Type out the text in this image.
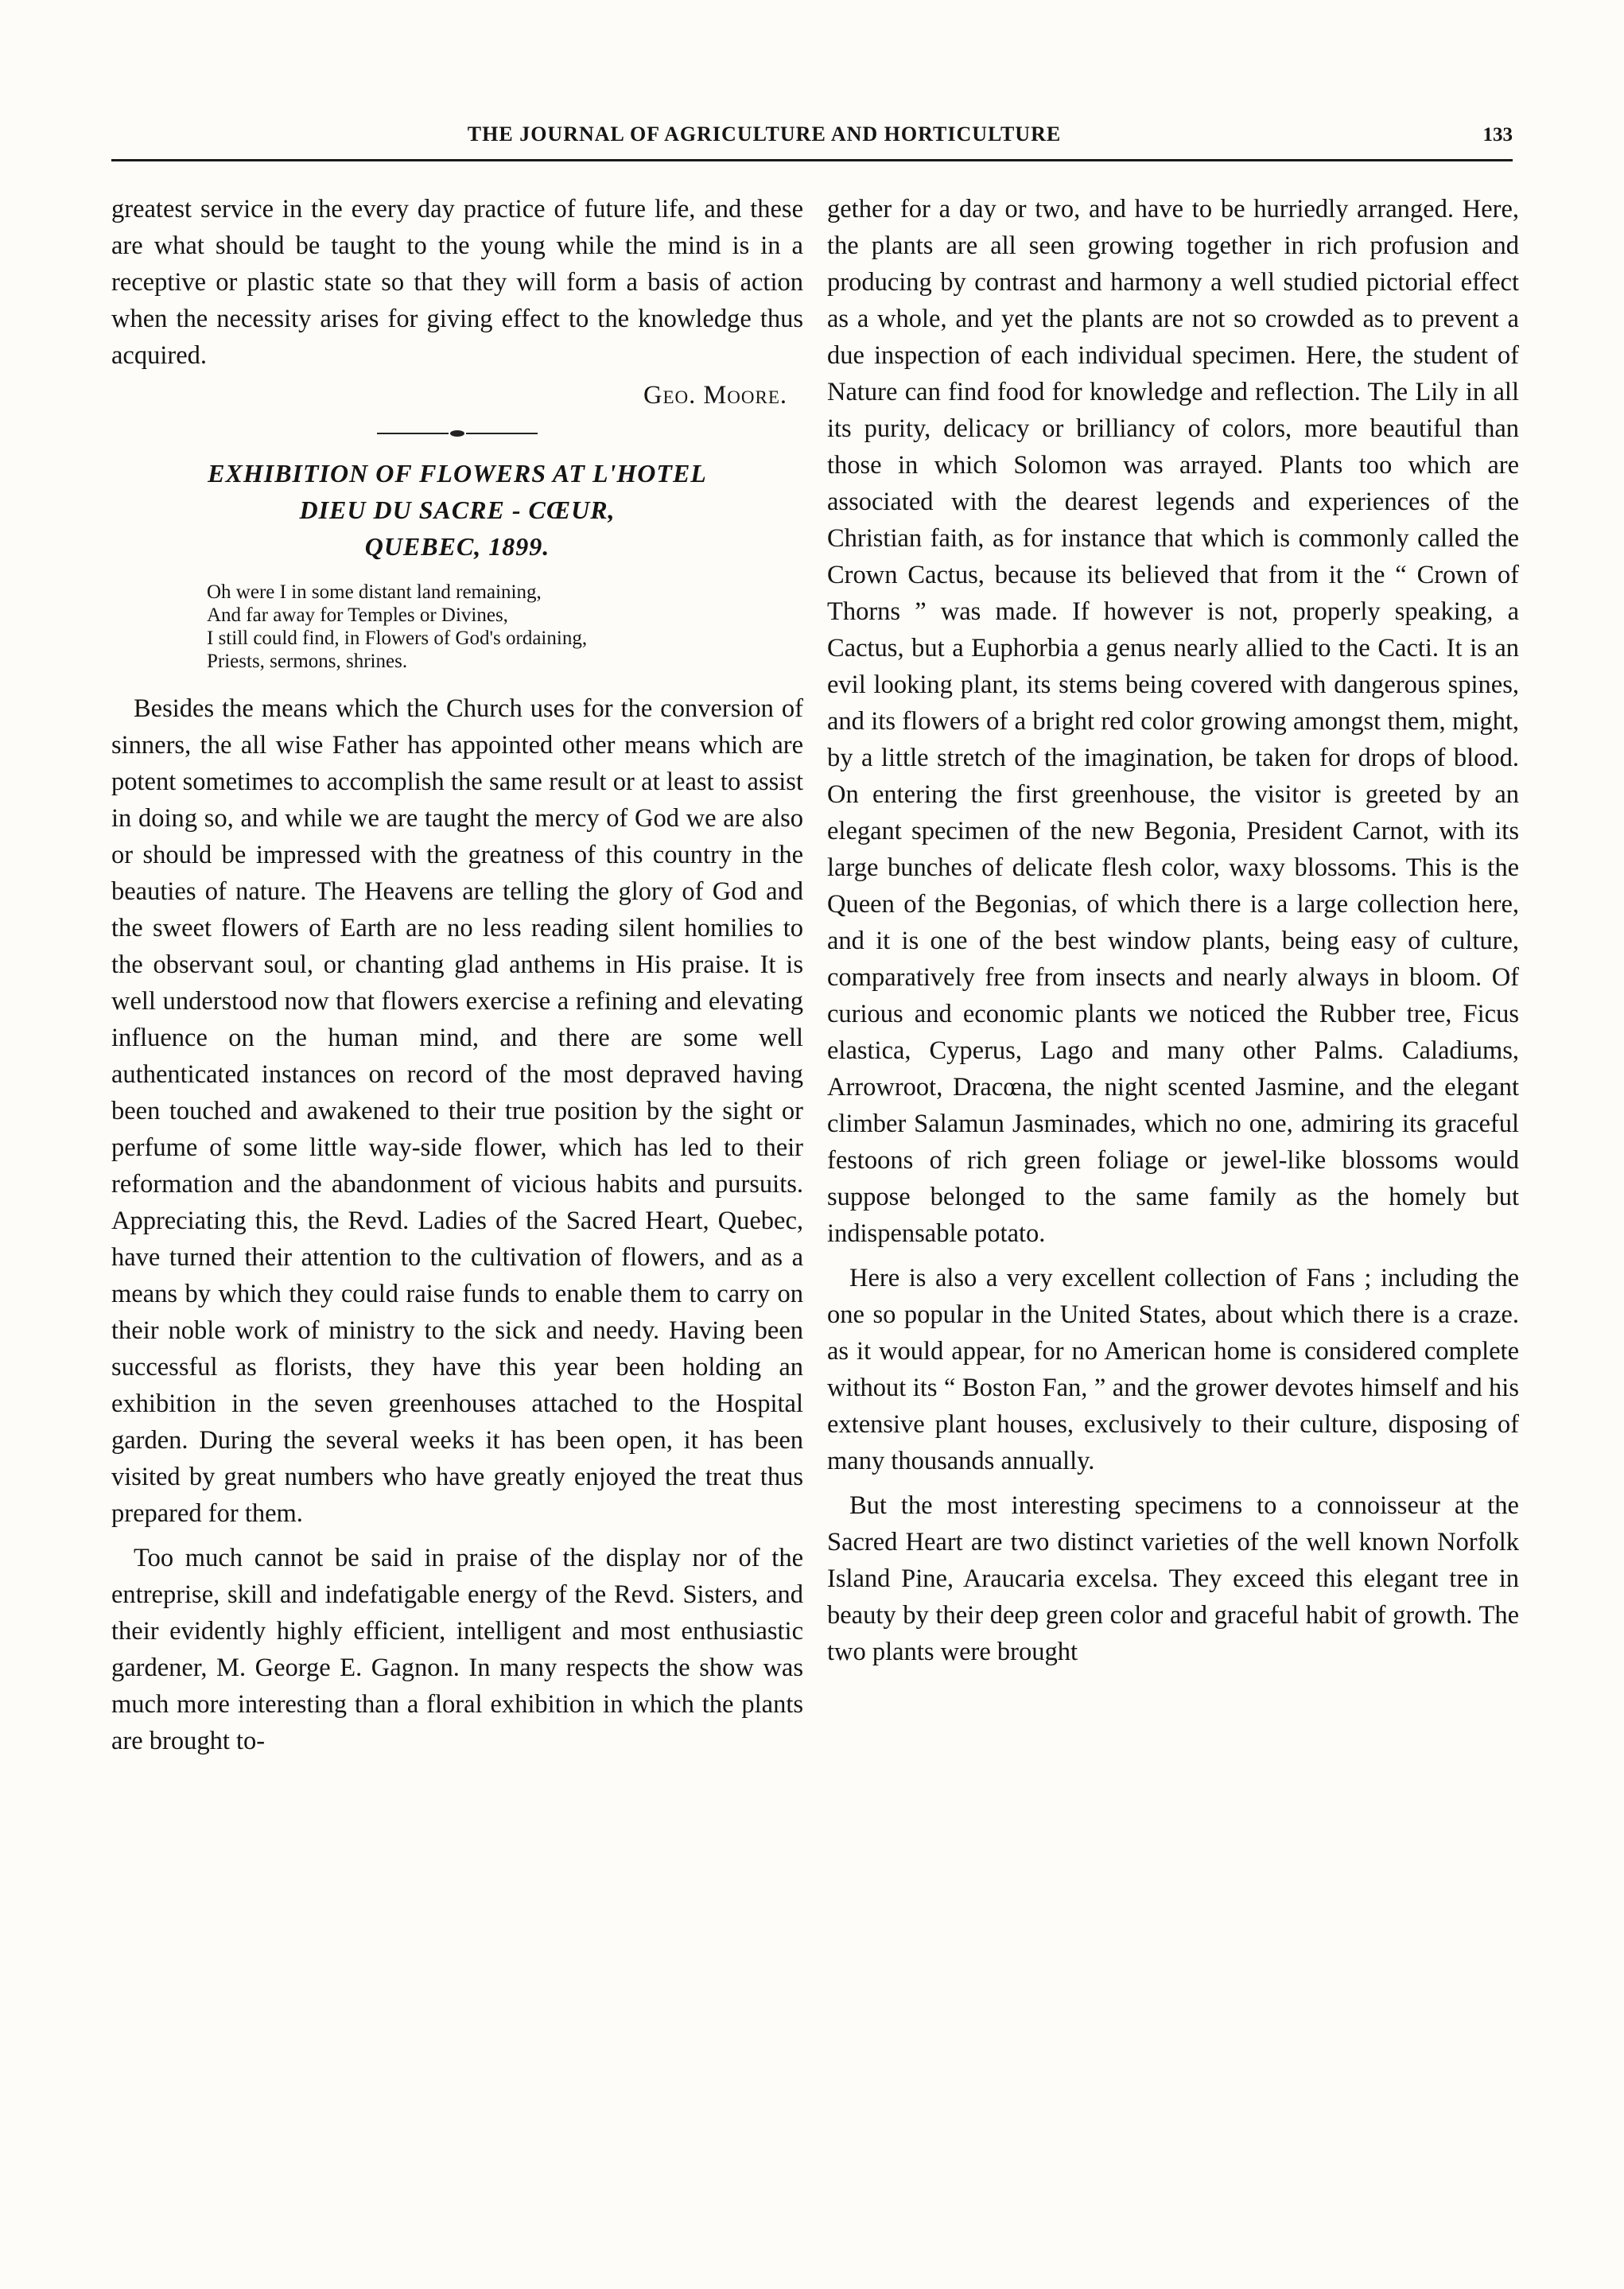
THE JOURNAL OF AGRICULTURE AND HORTICULTURE	133

greatest service in the every day practice of future life, and these are what should be taught to the young while the mind is in a receptive or plastic state so that they will form a basis of action when the necessity arises for giving effect to the knowledge thus acquired.

Geo. Moore.

EXHIBITION OF FLOWERS AT L'HOTEL
DIEU DU SACRE - CŒUR,
QUEBEC, 1899.
Oh were I in some distant land remaining,
And far away for Temples or Divines,
I still could find, in Flowers of God's ordaining,
Priests, sermons, shrines.

Besides the means which the Church uses for the conversion of sinners, the all wise Father has appointed other means which are potent sometimes to accomplish the same result or at least to assist in doing so, and while we are taught the mercy of God we are also or should be impressed with the greatness of this country in the beauties of nature. The Heavens are telling the glory of God and the sweet flowers of Earth are no less reading silent homilies to the observant soul, or chanting glad anthems in His praise. It is well understood now that flowers exercise a refining and elevating influence on the human mind, and there are some well authenticated instances on record of the most depraved having been touched and awakened to their true position by the sight or perfume of some little way-side flower, which has led to their reformation and the abandonment of vicious habits and pursuits. Appreciating this, the Revd. Ladies of the Sacred Heart, Quebec, have turned their attention to the cultivation of flowers, and as a means by which they could raise funds to enable them to carry on their noble work of ministry to the sick and needy. Having been successful as florists, they have this year been holding an exhibition in the seven greenhouses attached to the Hospital garden. During the several weeks it has been open, it has been visited by great numbers who have greatly enjoyed the treat thus prepared for them.

Too much cannot be said in praise of the display nor of the entreprise, skill and indefatigable energy of the Revd. Sisters, and their evidently highly efficient, intelligent and most enthusiastic gardener, M. George E. Gagnon. In many respects the show was much more interesting than a floral exhibition in which the plants are brought to-

gether for a day or two, and have to be hurriedly arranged. Here, the plants are all seen growing together in rich profusion and producing by contrast and harmony a well studied pictorial effect as a whole, and yet the plants are not so crowded as to prevent a due inspection of each individual specimen. Here, the student of Nature can find food for knowledge and reflection. The Lily in all its purity, delicacy or brilliancy of colors, more beautiful than those in which Solomon was arrayed. Plants too which are associated with the dearest legends and experiences of the Christian faith, as for instance that which is commonly called the Crown Cactus, because its believed that from it the “ Crown of Thorns ” was made. If however is not, properly speaking, a Cactus, but a Euphorbia a genus nearly allied to the Cacti. It is an evil looking plant, its stems being covered with dangerous spines, and its flowers of a bright red color growing amongst them, might, by a little stretch of the imagination, be taken for drops of blood. On entering the first greenhouse, the visitor is greeted by an elegant specimen of the new Begonia, President Carnot, with its large bunches of delicate flesh color, waxy blossoms. This is the Queen of the Begonias, of which there is a large collection here, and it is one of the best window plants, being easy of culture, comparatively free from insects and nearly always in bloom. Of curious and economic plants we noticed the Rubber tree, Ficus elastica, Cyperus, Lago and many other Palms. Caladiums, Arrowroot, Dracœna, the night scented Jasmine, and the elegant climber Salamun Jasminades, which no one, admiring its graceful festoons of rich green foliage or jewel-like blossoms would suppose belonged to the same family as the homely but indispensable potato.

Here is also a very excellent collection of Fans ; including the one so popular in the United States, about which there is a craze. as it would appear, for no American home is considered complete without its “ Boston Fan, ” and the grower devotes himself and his extensive plant houses, exclusively to their culture, disposing of many thousands annually.

But the most interesting specimens to a connoisseur at the Sacred Heart are two distinct varieties of the well known Norfolk Island Pine, Araucaria excelsa. They exceed this elegant tree in beauty by their deep green color and graceful habit of growth. The two plants were brought
